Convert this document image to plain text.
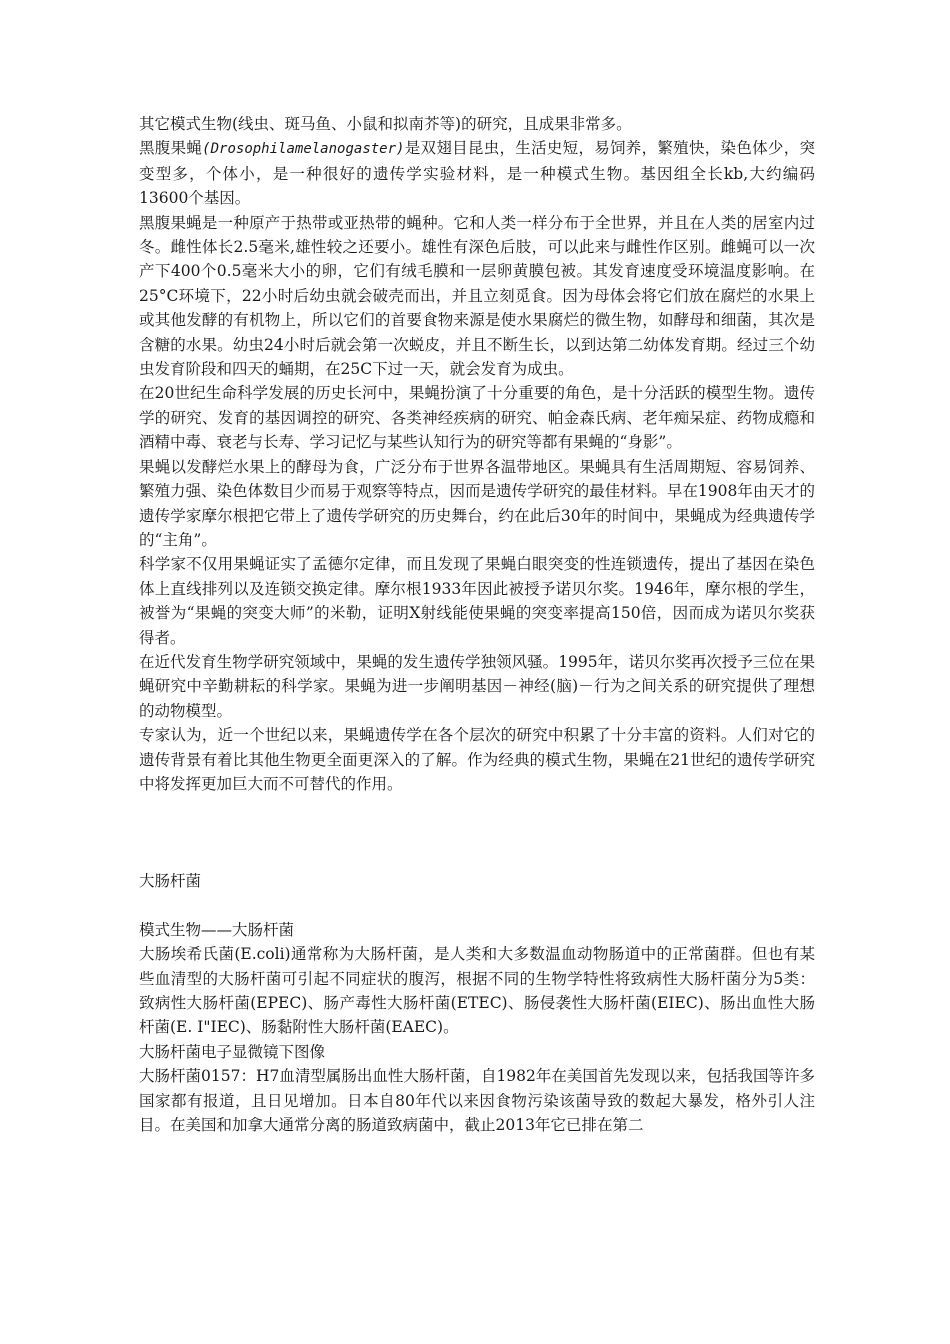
其它模式生物(线虫、斑马鱼、小鼠和拟南芥等)的研究，且成果非常多。

黑腹果蝇(Drosophilamelanogaster)是双翅目昆虫，生活史短，易饲养，繁殖快，染色体少，突变型多，个体小，是一种很好的遗传学实验材料，是一种模式生物。基因组全长kb,大约编码13600个基因。

黑腹果蝇是一种原产于热带或亚热带的蝇种。它和人类一样分布于全世界，并且在人类的居室内过冬。雌性体长2.5毫米,雄性较之还要小。雄性有深色后肢，可以此来与雌性作区别。雌蝇可以一次产下400个0.5毫米大小的卵，它们有绒毛膜和一层卵黄膜包被。其发育速度受环境温度影响。在25°C环境下，22小时后幼虫就会破壳而出，并且立刻觅食。因为母体会将它们放在腐烂的水果上或其他发酵的有机物上，所以它们的首要食物来源是使水果腐烂的微生物，如酵母和细菌，其次是含糖的水果。幼虫24小时后就会第一次蜕皮，并且不断生长，以到达第二幼体发育期。经过三个幼虫发育阶段和四天的蛹期，在25C下过一天，就会发育为成虫。

在20世纪生命科学发展的历史长河中，果蝇扮演了十分重要的角色，是十分活跃的模型生物。遗传学的研究、发育的基因调控的研究、各类神经疾病的研究、帕金森氏病、老年痴呆症、药物成瘾和酒精中毒、衰老与长寿、学习记忆与某些认知行为的研究等都有果蝇的“身影”。

果蝇以发酵烂水果上的酵母为食，广泛分布于世界各温带地区。果蝇具有生活周期短、容易饲养、繁殖力强、染色体数目少而易于观察等特点，因而是遗传学研究的最佳材料。早在1908年由天才的遗传学家摩尔根把它带上了遗传学研究的历史舞台，约在此后30年的时间中，果蝇成为经典遗传学的“主角”。

科学家不仅用果蝇证实了孟德尔定律，而且发现了果蝇白眼突变的性连锁遗传，提出了基因在染色体上直线排列以及连锁交换定律。摩尔根1933年因此被授予诺贝尔奖。1946年，摩尔根的学生，被誉为“果蝇的突变大师”的米勒，证明X射线能使果蝇的突变率提高150倍，因而成为诺贝尔奖获得者。

在近代发育生物学研究领域中，果蝇的发生遗传学独领风骚。1995年，诺贝尔奖再次授予三位在果蝇研究中辛勤耕耘的科学家。果蝇为进一步阐明基因－神经(脑)－行为之间关系的研究提供了理想的动物模型。

专家认为，近一个世纪以来，果蝇遗传学在各个层次的研究中积累了十分丰富的资料。人们对它的遗传背景有着比其他生物更全面更深入的了解。作为经典的模式生物，果蝇在21世纪的遗传学研究中将发挥更加巨大而不可替代的作用。

大肠杆菌

模式生物——大肠杆菌

大肠埃希氏菌(E.coli)通常称为大肠杆菌，是人类和大多数温血动物肠道中的正常菌群。但也有某些血清型的大肠杆菌可引起不同症状的腹泻，根据不同的生物学特性将致病性大肠杆菌分为5类：致病性大肠杆菌(EPEC)、肠产毒性大肠杆菌(ETEC)、肠侵袭性大肠杆菌(EIEC)、肠出血性大肠杆菌(E. I"IEC)、肠黏附性大肠杆菌(EAEC)。

大肠杆菌电子显微镜下图像

大肠杆菌0157：H7血清型属肠出血性大肠杆菌，自1982年在美国首先发现以来，包括我国等许多国家都有报道，且日见增加。日本自80年代以来因食物污染该菌导致的数起大暴发，格外引人注目。在美国和加拿大通常分离的肠道致病菌中，截止2013年它已排在第二
